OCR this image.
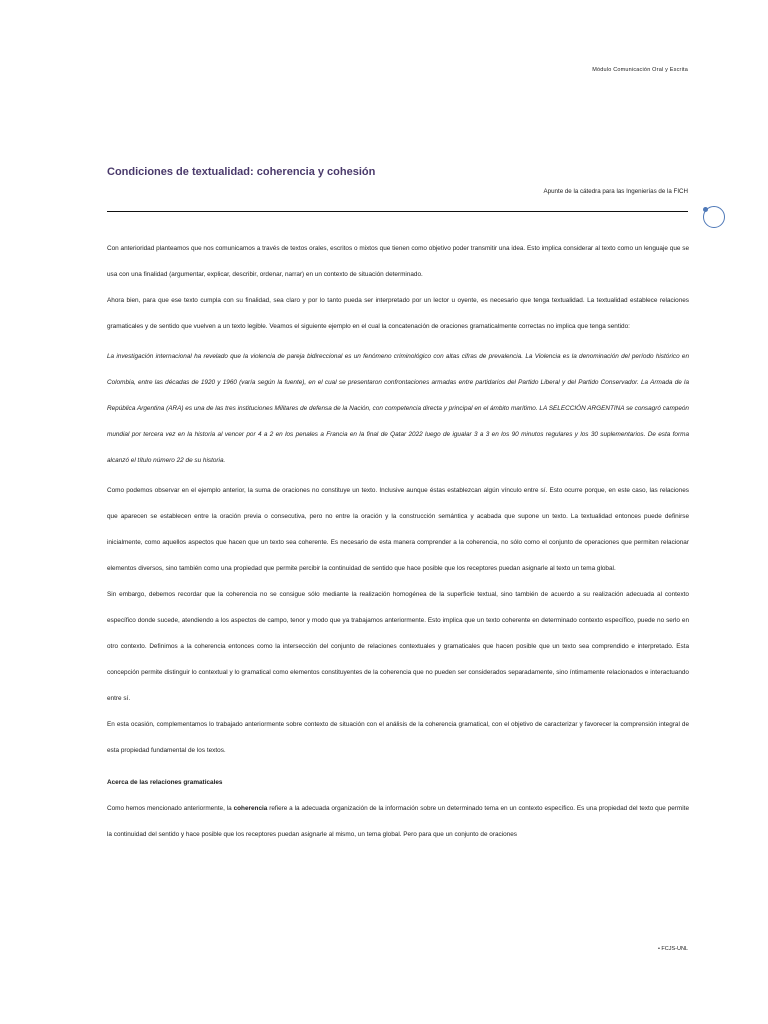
Módulo Comunicación Oral y Escrita
Condiciones de textualidad: coherencia y cohesión
Apunte de la cátedra para las Ingenierías de la FICH

Con anterioridad planteamos que nos comunicamos a través de textos orales, escritos o mixtos que tienen como objetivo poder transmitir una idea. Esto implica considerar al texto como un lenguaje que se usa con una finalidad (argumentar, explicar, describir, ordenar, narrar) en un contexto de situación determinado.

Ahora bien, para que ese texto cumpla con su finalidad, sea claro y por lo tanto pueda ser interpretado por un lector u oyente, es necesario que tenga textualidad. La textualidad establece relaciones gramaticales y de sentido que vuelven a un texto legible. Veamos el siguiente ejemplo en el cual la concatenación de oraciones gramaticalmente correctas no implica que tenga sentido:

La investigación internacional ha revelado que la violencia de pareja bidireccional es un fenómeno criminológico con altas cifras de prevalencia. La Violencia es la denominación del período histórico en Colombia, entre las décadas de 1920 y 1960 (varía según la fuente), en el cual se presentaron confrontaciones armadas entre partidarios del Partido Liberal y del Partido Conservador. La Armada de la República Argentina (ARA) es una de las tres instituciones Militares de defensa de la Nación, con competencia directa y principal en el ámbito marítimo. LA SELECCIÓN ARGENTINA se consagró campeón mundial por tercera vez en la historia al vencer por 4 a 2 en los penales a Francia en la final de Qatar 2022 luego de igualar 3 a 3 en los 90 minutos regulares y los 30 suplementarios. De esta forma alcanzó el título número 22 de su historia.

Como podemos observar en el ejemplo anterior, la suma de oraciones no constituye un texto. Inclusive aunque éstas establezcan algún vínculo entre sí. Esto ocurre porque, en este caso, las relaciones que aparecen se establecen entre la oración previa o consecutiva, pero no entre la oración y la construcción semántica y acabada que supone un texto. La textualidad entonces puede definirse inicialmente, como aquellos aspectos que hacen que un texto sea coherente. Es necesario de esta manera comprender a la coherencia, no sólo como el conjunto de operaciones que permiten relacionar elementos diversos, sino también como una propiedad que permite percibir la continuidad de sentido que hace posible que los receptores puedan asignarle al texto un tema global.

Sin embargo, debemos recordar que la coherencia no se consigue sólo mediante la realización homogénea de la superficie textual, sino también de acuerdo a su realización adecuada al contexto específico donde sucede, atendiendo a los aspectos de campo, tenor y modo que ya trabajamos anteriormente. Esto implica que un texto coherente en determinado contexto específico, puede no serlo en otro contexto. Definimos a la coherencia entonces como la intersección del conjunto de relaciones contextuales y gramaticales que hacen posible que un texto sea comprendido e interpretado. Esta concepción permite distinguir lo contextual y lo gramatical como elementos constituyentes de la coherencia que no pueden ser considerados separadamente, sino íntimamente relacionados e interactuando entre sí.

En esta ocasión, complementamos lo trabajado anteriormente sobre contexto de situación con el análisis de la coherencia gramatical, con el objetivo de caracterizar y favorecer la comprensión integral de esta propiedad fundamental de los textos.

Acerca de las relaciones gramaticales

Como hemos mencionado anteriormente, la coherencia refiere a la adecuada organización de la información sobre un determinado tema en un contexto específico. Es una propiedad del texto que permite la continuidad del sentido y hace posible que los receptores puedan asignarle al mismo, un tema global. Pero para que un conjunto de oraciones

• FCJS-UNL
